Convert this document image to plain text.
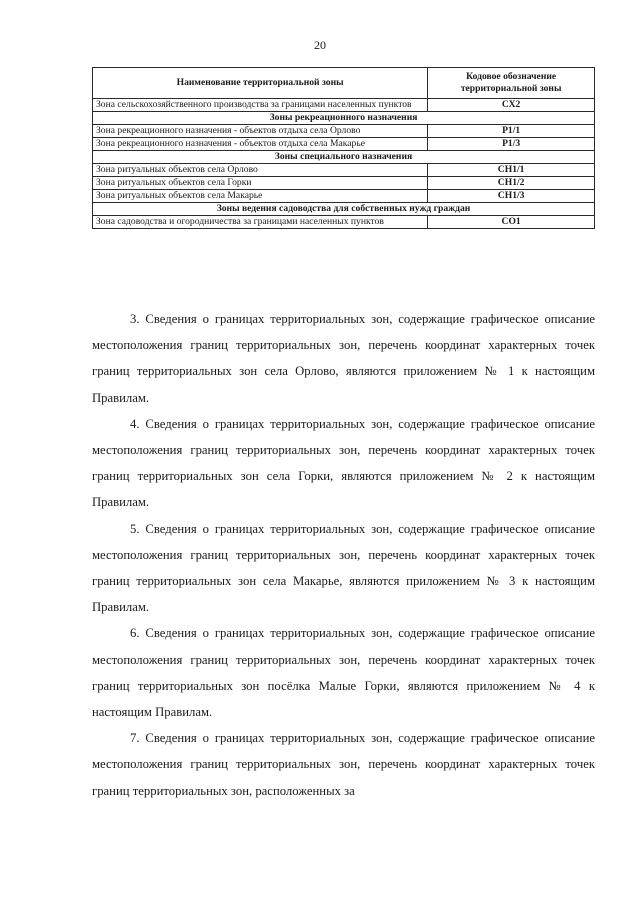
20
Наименование территориальной зоны	Кодовое обозначение территориальной зоны
Зона сельскохозяйственного производства за границами населенных пунктов	СХ2
Зоны рекреационного назначения	
Зона рекреационного назначения - объектов отдыха села Орлово	Р1/1
Зона рекреационного назначения - объектов отдыха села Макарье	Р1/3
Зоны специального назначения	
Зона ритуальных объектов села Орлово	СН1/1
Зона ритуальных объектов села Горки	СН1/2
Зона ритуальных объектов села Макарье	СН1/3
Зоны ведения садоводства для собственных нужд граждан	
Зона садоводства и огородничества за границами населенных пунктов	СО1

3. Сведения о границах территориальных зон, содержащие графическое описание местоположения границ территориальных зон, перечень координат характерных точек границ территориальных зон села Орлово, являются приложением № 1 к настоящим Правилам.

4. Сведения о границах территориальных зон, содержащие графическое описание местоположения границ территориальных зон, перечень координат характерных точек границ территориальных зон села Горки, являются приложением № 2 к настоящим Правилам.

5. Сведения о границах территориальных зон, содержащие графическое описание местоположения границ территориальных зон, перечень координат характерных точек границ территориальных зон села Макарье, являются приложением № 3 к настоящим Правилам.

6. Сведения о границах территориальных зон, содержащие графическое описание местоположения границ территориальных зон, перечень координат характерных точек границ территориальных зон посёлка Малые Горки, являются приложением № 4 к настоящим Правилам.

7. Сведения о границах территориальных зон, содержащие графическое описание местоположения границ территориальных зон, перечень координат характерных точек границ территориальных зон, расположенных за
